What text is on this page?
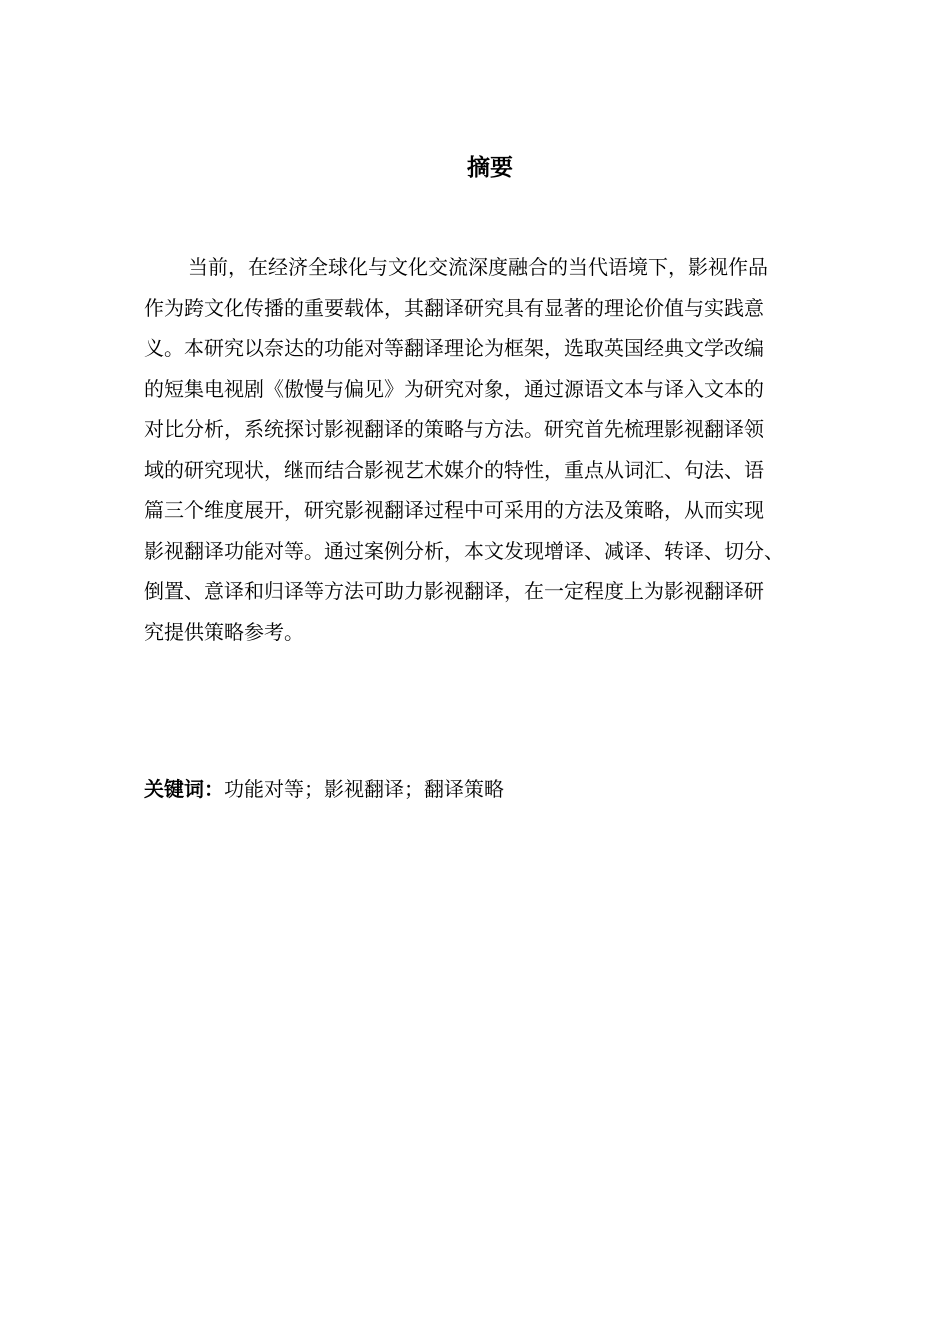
摘要

当前，在经济全球化与文化交流深度融合的当代语境下，影视作品
作为跨文化传播的重要载体，其翻译研究具有显著的理论价值与实践意
义。本研究以奈达的功能对等翻译理论为框架，选取英国经典文学改编
的短集电视剧《傲慢与偏见》为研究对象，通过源语文本与译入文本的
对比分析，系统探讨影视翻译的策略与方法。研究首先梳理影视翻译领
域的研究现状，继而结合影视艺术媒介的特性，重点从词汇、句法、语
篇三个维度展开，研究影视翻译过程中可采用的方法及策略，从而实现
影视翻译功能对等。通过案例分析，本文发现增译、减译、转译、切分、
倒置、意译和归译等方法可助力影视翻译，在一定程度上为影视翻译研
究提供策略参考。

关键词：功能对等；影视翻译；翻译策略
